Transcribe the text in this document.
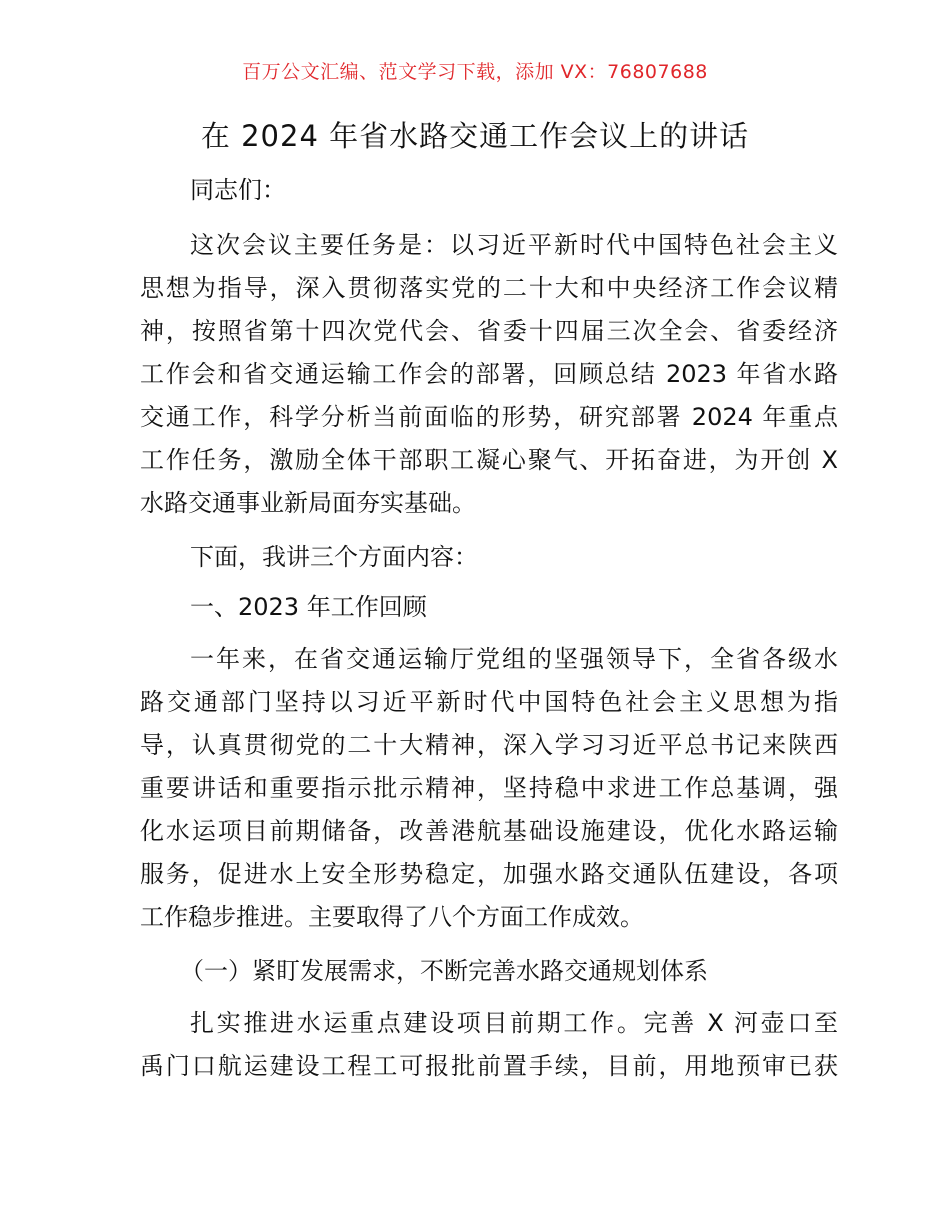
百万公文汇编、范文学习下载，添加 VX：76807688
在 2024 年省水路交通工作会议上的讲话
同志们：
这次会议主要任务是：以习近平新时代中国特色社会主义
思想为指导，深入贯彻落实党的二十大和中央经济工作会议精
神，按照省第十四次党代会、省委十四届三次全会、省委经济
工作会和省交通运输工作会的部署，回顾总结 2023 年省水路
交通工作，科学分析当前面临的形势，研究部署 2024 年重点
工作任务，激励全体干部职工凝心聚气、开拓奋进，为开创 X
水路交通事业新局面夯实基础。
下面，我讲三个方面内容：
一、2023 年工作回顾
一年来，在省交通运输厅党组的坚强领导下，全省各级水
路交通部门坚持以习近平新时代中国特色社会主义思想为指
导，认真贯彻党的二十大精神，深入学习习近平总书记来陕西
重要讲话和重要指示批示精神，坚持稳中求进工作总基调，强
化水运项目前期储备，改善港航基础设施建设，优化水路运输
服务，促进水上安全形势稳定，加强水路交通队伍建设，各项
工作稳步推进。主要取得了八个方面工作成效。
（一）紧盯发展需求，不断完善水路交通规划体系
扎实推进水运重点建设项目前期工作。完善 X 河壶口至
禹门口航运建设工程工可报批前置手续，目前，用地预审已获
